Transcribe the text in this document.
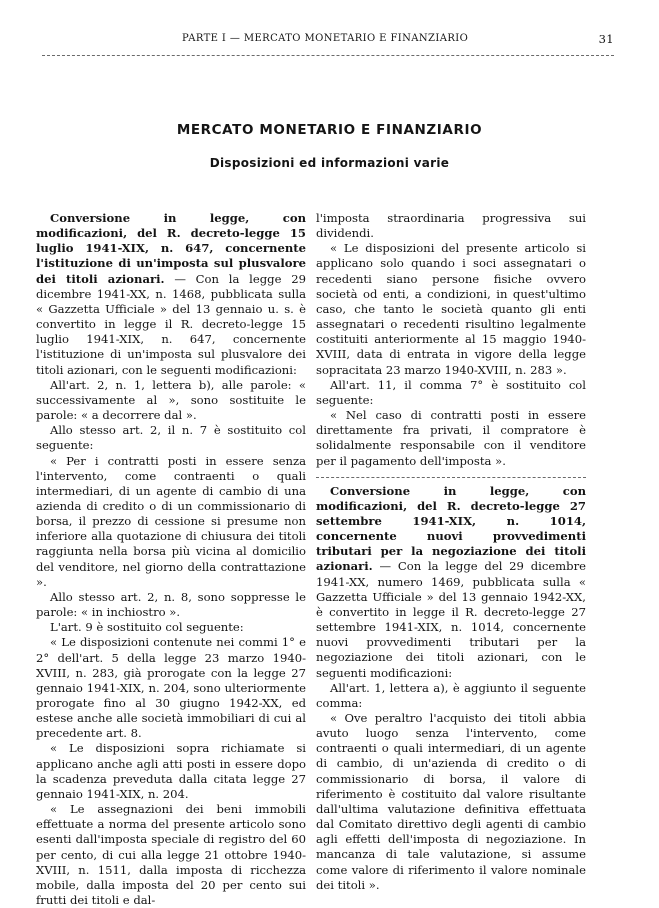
PARTE I — MERCATO MONETARIO E FINANZIARIO	31
MERCATO MONETARIO E FINANZIARIO
Disposizioni ed informazioni varie

Conversione in legge, con modificazioni, del R. decreto-legge 15 luglio 1941-XIX, n. 647, concernente l'istituzione di un'imposta sul plusvalore dei titoli azionari. — Con la legge 29 dicembre 1941-XX, n. 1468, pubblicata sulla « Gazzetta Ufficiale » del 13 gennaio u. s. è convertito in legge il R. decreto-legge 15 luglio 1941-XIX, n. 647, concernente l'istituzione di un'imposta sul plusvalore dei titoli azionari, con le seguenti modificazioni:

All'art. 2, n. 1, lettera b), alle parole: « successivamente al », sono sostituite le parole: « a decorrere dal ».

Allo stesso art. 2, il n. 7 è sostituito col seguente:

« Per i contratti posti in essere senza l'intervento, come contraenti o quali intermediari, di un agente di cambio di una azienda di credito o di un commissionario di borsa, il prezzo di cessione si presume non inferiore alla quotazione di chiusura dei titoli raggiunta nella borsa più vicina al domicilio del venditore, nel giorno della contrattazione ».

Allo stesso art. 2, n. 8, sono soppresse le parole: « in inchiostro ».

L'art. 9 è sostituito col seguente:

« Le disposizioni contenute nei commi 1° e 2° dell'art. 5 della legge 23 marzo 1940-XVIII, n. 283, già prorogate con la legge 27 gennaio 1941-XIX, n. 204, sono ulteriormente prorogate fino al 30 giugno 1942-XX, ed estese anche alle società immobiliari di cui al precedente art. 8.

« Le disposizioni sopra richiamate si applicano anche agli atti posti in essere dopo la scadenza preveduta dalla citata legge 27 gennaio 1941-XIX, n. 204.

« Le assegnazioni dei beni immobili effettuate a norma del presente articolo sono esenti dall'imposta speciale di registro del 60 per cento, di cui alla legge 21 ottobre 1940-XVIII, n. 1511, dalla imposta di ricchezza mobile, dalla imposta del 20 per cento sui frutti dei titoli e dal-

l'imposta straordinaria progressiva sui dividendi.

« Le disposizioni del presente articolo si applicano solo quando i soci assegnatari o recedenti siano persone fisiche ovvero società od enti, a condizioni, in quest'ultimo caso, che tanto le società quanto gli enti assegnatari o recedenti risultino legalmente costituiti anteriormente al 15 maggio 1940-XVIII, data di entrata in vigore della legge sopracitata 23 marzo 1940-XVIII, n. 283 ».

All'art. 11, il comma 7° è sostituito col seguente:

« Nel caso di contratti posti in essere direttamente fra privati, il compratore è solidalmente responsabile con il venditore per il pagamento dell'imposta ».

Conversione in legge, con modificazioni, del R. decreto-legge 27 settembre 1941-XIX, n. 1014, concernente nuovi provvedimenti tributari per la negoziazione dei titoli azionari. — Con la legge del 29 dicembre 1941-XX, numero 1469, pubblicata sulla « Gazzetta Ufficiale » del 13 gennaio 1942-XX, è convertito in legge il R. decreto-legge 27 settembre 1941-XIX, n. 1014, concernente nuovi provvedimenti tributari per la negoziazione dei titoli azionari, con le seguenti modificazioni:

All'art. 1, lettera a), è aggiunto il seguente comma:

« Ove peraltro l'acquisto dei titoli abbia avuto luogo senza l'intervento, come contraenti o quali intermediari, di un agente di cambio, di un'azienda di credito o di commissionario di borsa, il valore di riferimento è costituito dal valore risultante dall'ultima valutazione definitiva effettuata dal Comitato direttivo degli agenti di cambio agli effetti dell'imposta di negoziazione. In mancanza di tale valutazione, si assume come valore di riferimento il valore nominale dei titoli ».
